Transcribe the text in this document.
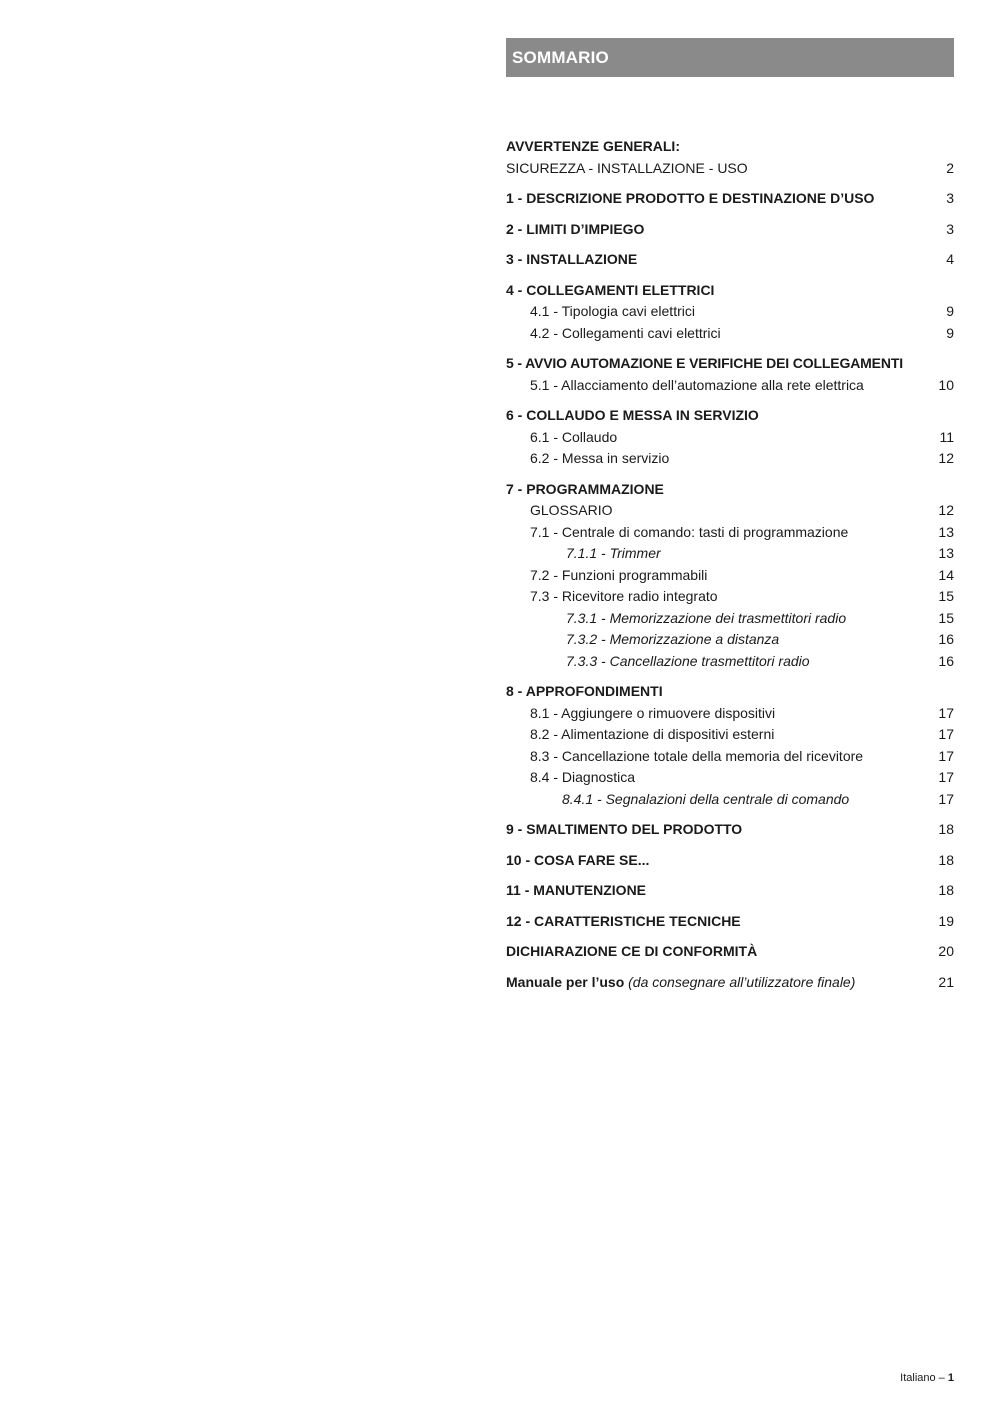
SOMMARIO
AVVERTENZE GENERALI:
SICUREZZA - INSTALLAZIONE - USO	2
1 - DESCRIZIONE PRODOTTO E DESTINAZIONE D’USO	3
2 - LIMITI D’IMPIEGO	3
3 - INSTALLAZIONE	4
4 - COLLEGAMENTI ELETTRICI
4.1 - Tipologia cavi elettrici	9
4.2 - Collegamenti cavi elettrici	9
5 - AVVIO AUTOMAZIONE E VERIFICHE DEI COLLEGAMENTI
5.1 - Allacciamento dell’automazione alla rete elettrica	10
6 - COLLAUDO E MESSA IN SERVIZIO
6.1 - Collaudo	11
6.2 - Messa in servizio	12
7 - PROGRAMMAZIONE
GLOSSARIO	12
7.1 - Centrale di comando: tasti di programmazione	13
7.1.1 - Trimmer	13
7.2 - Funzioni programmabili	14
7.3 - Ricevitore radio integrato	15
7.3.1 - Memorizzazione dei trasmettitori radio	15
7.3.2 - Memorizzazione a distanza	16
7.3.3 - Cancellazione trasmettitori radio	16
8 - APPROFONDIMENTI
8.1 - Aggiungere o rimuovere dispositivi	17
8.2 - Alimentazione di dispositivi esterni	17
8.3 - Cancellazione totale della memoria del ricevitore	17
8.4 - Diagnostica	17
8.4.1 - Segnalazioni della centrale di comando	17
9 - SMALTIMENTO DEL PRODOTTO	18
10 - COSA FARE SE...	18
11 - MANUTENZIONE	18
12 - CARATTERISTICHE TECNICHE	19
DICHIARAZIONE CE DI CONFORMITÀ	20
Manuale per l’uso (da consegnare all’utilizzatore finale)	21
Italiano – 1
